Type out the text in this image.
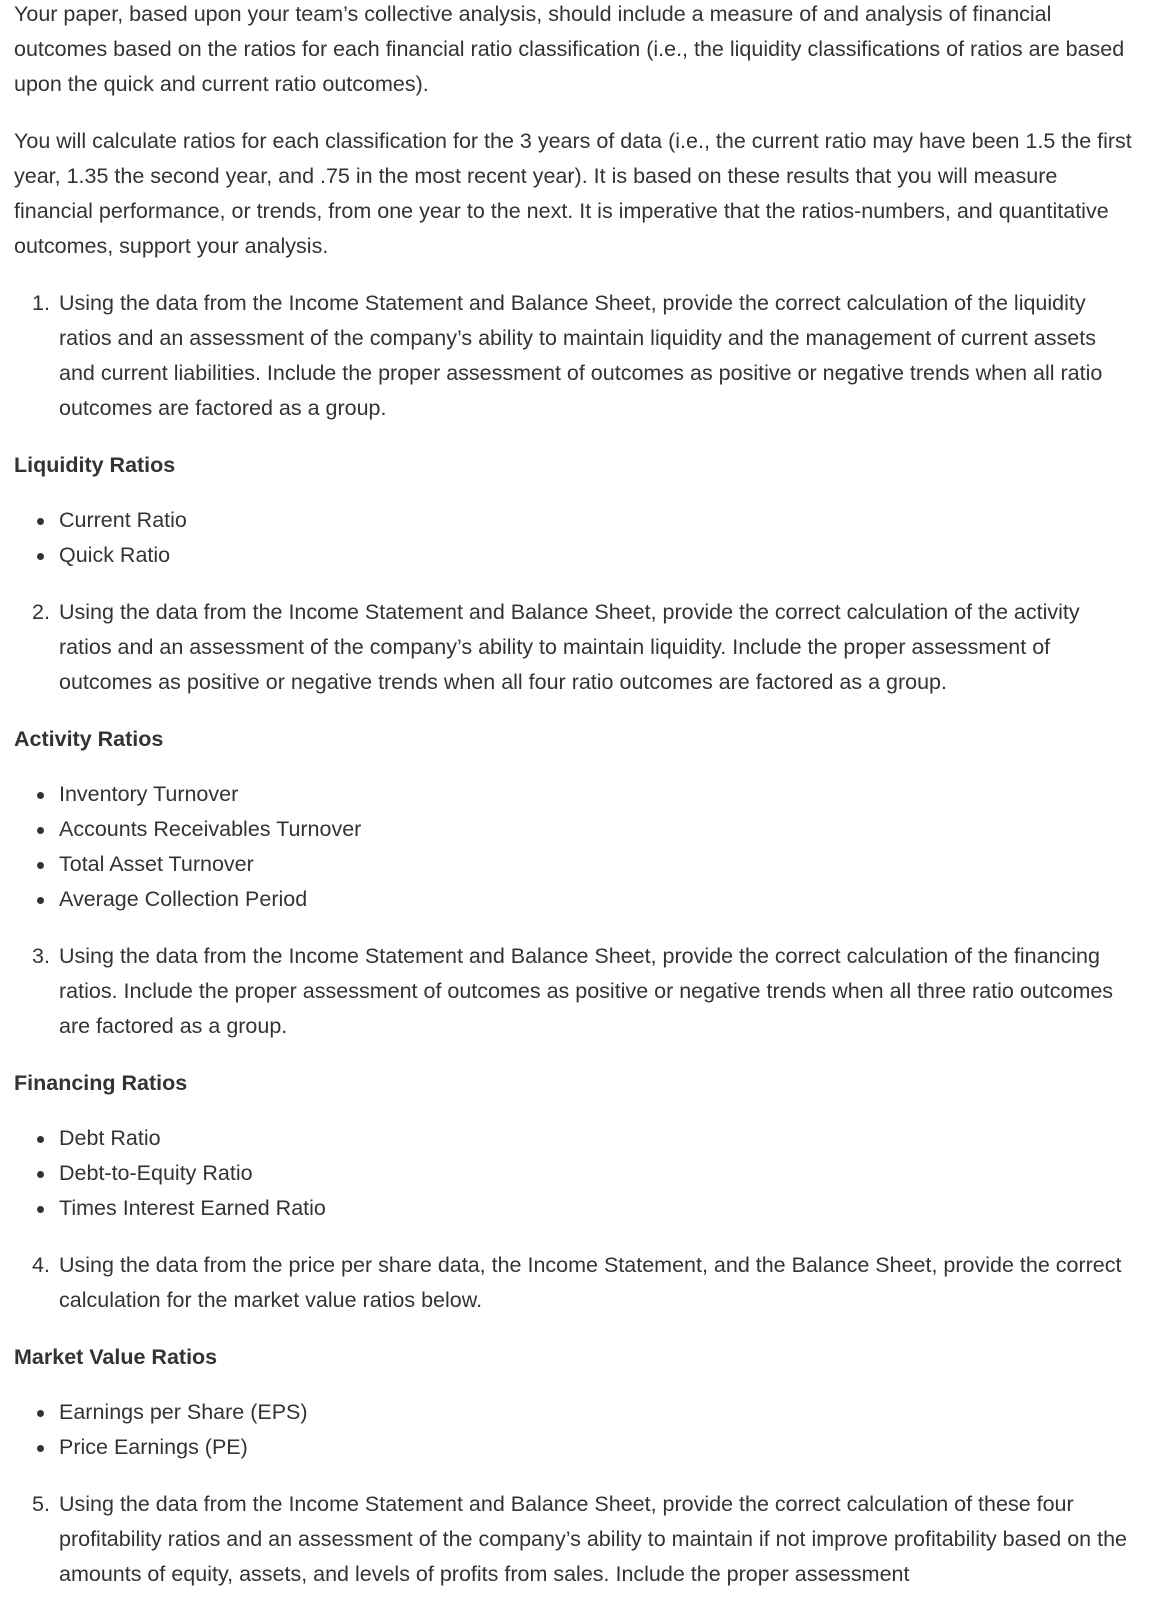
Your paper, based upon your team’s collective analysis, should include a measure of and analysis of financial outcomes based on the ratios for each financial ratio classification (i.e., the liquidity classifications of ratios are based upon the quick and current ratio outcomes).

You will calculate ratios for each classification for the 3 years of data (i.e., the current ratio may have been 1.5 the first year, 1.35 the second year, and .75 in the most recent year). It is based on these results that you will measure financial performance, or trends, from one year to the next. It is imperative that the ratios-numbers, and quantitative outcomes, support your analysis.

1. Using the data from the Income Statement and Balance Sheet, provide the correct calculation of the liquidity ratios and an assessment of the company’s ability to maintain liquidity and the management of current assets and current liabilities. Include the proper assessment of outcomes as positive or negative trends when all ratio outcomes are factored as a group.
Liquidity Ratios
Current Ratio
Quick Ratio
2. Using the data from the Income Statement and Balance Sheet, provide the correct calculation of the activity ratios and an assessment of the company’s ability to maintain liquidity. Include the proper assessment of outcomes as positive or negative trends when all four ratio outcomes are factored as a group.
Activity Ratios
Inventory Turnover
Accounts Receivables Turnover
Total Asset Turnover
Average Collection Period
3. Using the data from the Income Statement and Balance Sheet, provide the correct calculation of the financing ratios. Include the proper assessment of outcomes as positive or negative trends when all three ratio outcomes are factored as a group.
Financing Ratios
Debt Ratio
Debt-to-Equity Ratio
Times Interest Earned Ratio
4. Using the data from the price per share data, the Income Statement, and the Balance Sheet, provide the correct calculation for the market value ratios below.
Market Value Ratios
Earnings per Share (EPS)
Price Earnings (PE)
5. Using the data from the Income Statement and Balance Sheet, provide the correct calculation of these four profitability ratios and an assessment of the company’s ability to maintain if not improve profitability based on the amounts of equity, assets, and levels of profits from sales. Include the proper assessment
